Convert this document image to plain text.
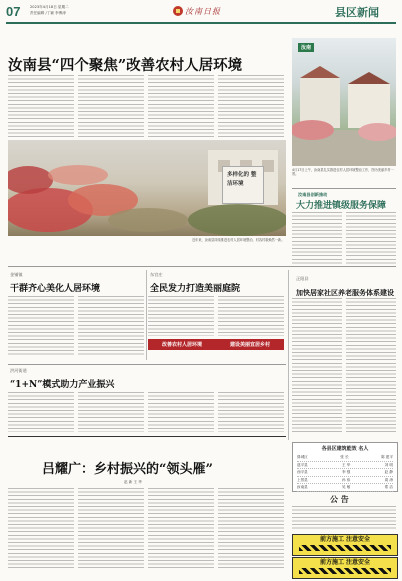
07	2023年4月18日 星期二
责任编辑 /丁颖 李博涛	汝南日报	县区新闻
汝南县“四个聚焦”改善农村人居环境
多样化的 整洁环境
近年来，汝南县持续推进农村人居环境整治，村容村貌焕然一新。
汝南
4月17日上午，汝南县扎实推进农村人居环境整治工作，图为美丽乡村一景。
汝南县创新推动
大力推进镇级服务保障
金铺镇
干群齐心美化人居环境
东官庄
全民发力打造美丽庭院
改善农村人居环境	建设美丽宜居乡村
正阳县
加快居家社区养老服务体系建设
洪河街道
“1+N”模式助力产业振兴
各县区建筑能效 名人
驿城区	张 长	陈 建平
遂平县	王 华	刘 明
西平县	李 强	赵 静
上蔡县	孙 伟	周 涛
汝南县	吴 敏	郑 洁
吕耀广：乡村振兴的“领头雁”
赵 新 王 华
公 告
前方施工 注意安全
前方施工 注意安全
